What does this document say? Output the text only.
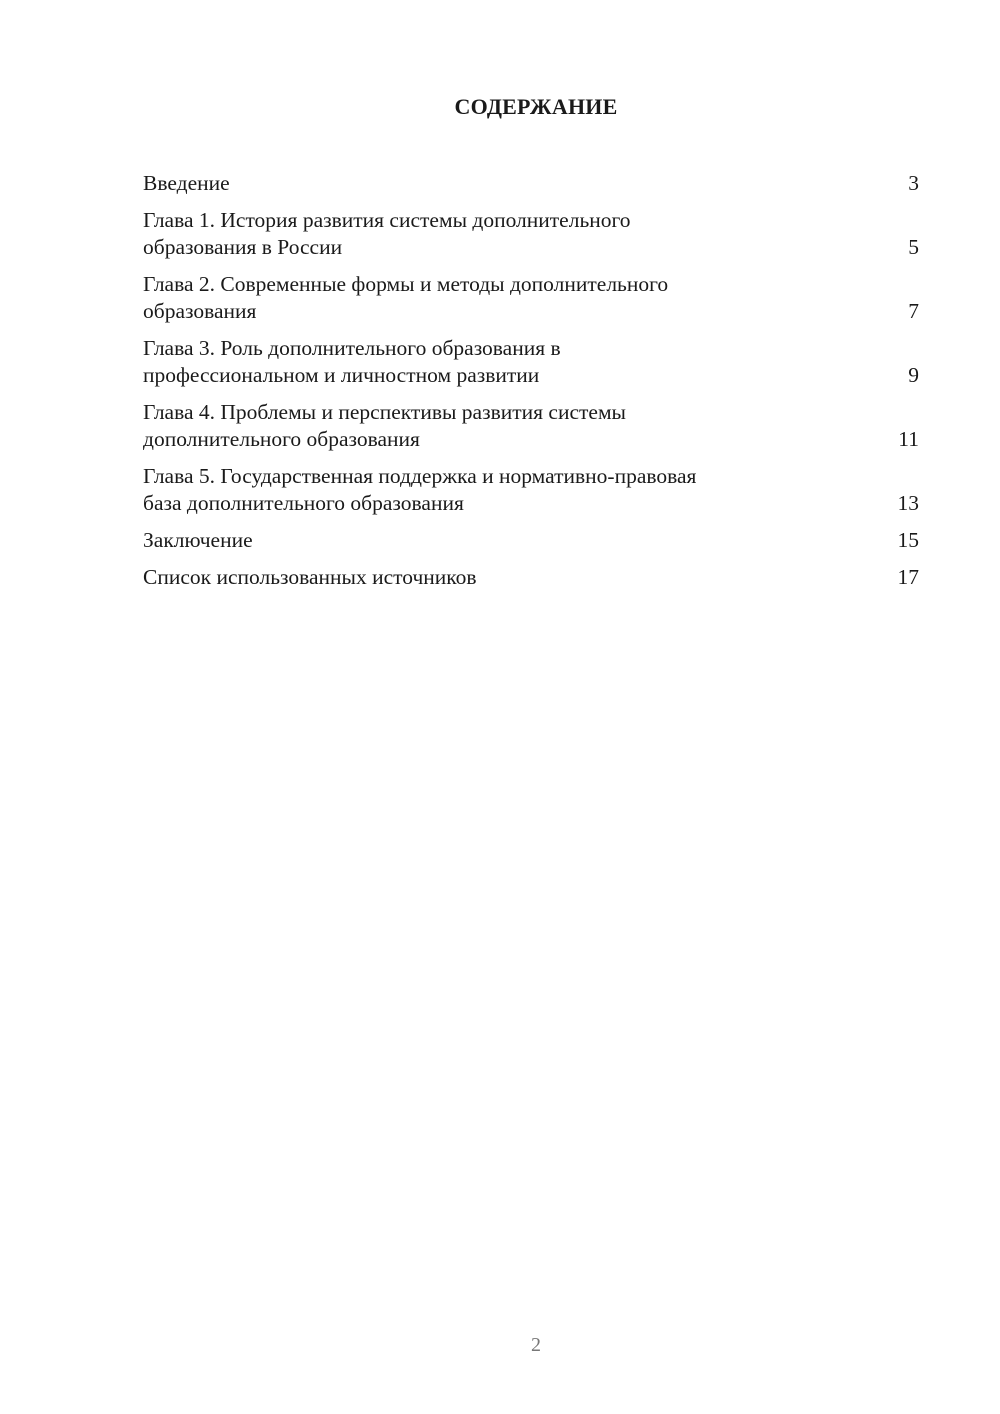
СОДЕРЖАНИЕ
Введение	3
Глава 1. История развития системы дополнительного
образования в России	5
Глава 2. Современные формы и методы дополнительного
образования	7
Глава 3. Роль дополнительного образования в
профессиональном и личностном развитии	9
Глава 4. Проблемы и перспективы развития системы
дополнительного образования	11
Глава 5. Государственная поддержка и нормативно-правовая
база дополнительного образования	13
Заключение	15
Список использованных источников	17
2
